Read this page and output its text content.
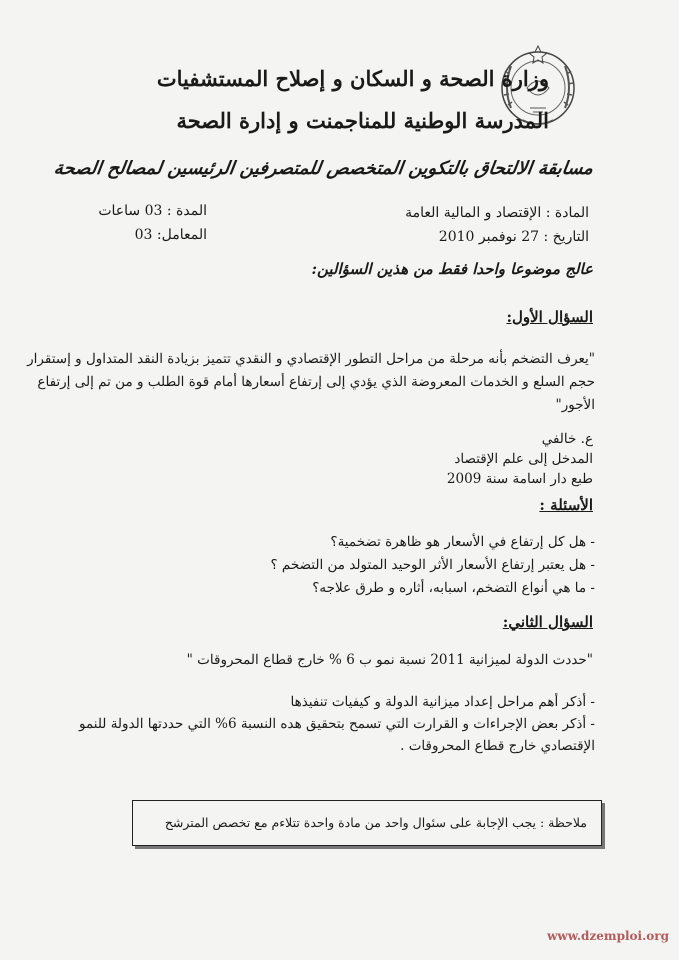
وزارة الصحة و السكان و إصلاح المستشفيات
المدرسة الوطنية للمناجمنت و إدارة الصحة
مسابقة الالتحاق بالتكوين المتخصص للمتصرفين الرئيسين لمصالح الصحة
المادة : الإقتصاد و المالية العامة
التاريخ : 27 نوفمبر 2010
المدة : 03 ساعات
المعامل: 03
عالج موضوعا واحدا فقط من هذين السؤالين:
السؤال الأول:
"يعرف التضخم بأنه مرحلة من مراحل التطور الإقتصادي و النقدي تتميز بزيادة النقد المتداول و إستقرار حجم السلع و الخدمات المعروضة الذي يؤدي إلى إرتفاع أسعارها أمام قوة الطلب و من تم إلى إرتفاع الأجور"
ع. خالفي
المدخل إلى علم الإقتصاد
طبع دار اسامة سنة 2009
الأسئلة :
- هل كل إرتفاع في الأسعار هو ظاهرة تضخمية؟
- هل يعتبر إرتفاع الأسعار الأثر الوحيد المتولد من التضخم ؟
- ما هي أنواع التضخم، اسبابه، أثاره و طرق علاجه؟
السؤال الثاني:
"حددت الدولة لميزانية 2011 نسبة نمو ب 6 % خارج قطاع المحروقات "
- أذكر أهم مراحل إعداد ميزانية الدولة و كيفيات تنفيذها
- أذكر بعض الإجراءات و القرارت التي تسمح بتحقيق هده النسبة 6% التي حددتها الدولة للنمو الإقتصادي خارج قطاع المحروقات .
ملاحظة : يجب الإجابة على سئوال واحد من مادة واحدة تتلاءم مع تخصص المترشح
www.dzemploi.org
